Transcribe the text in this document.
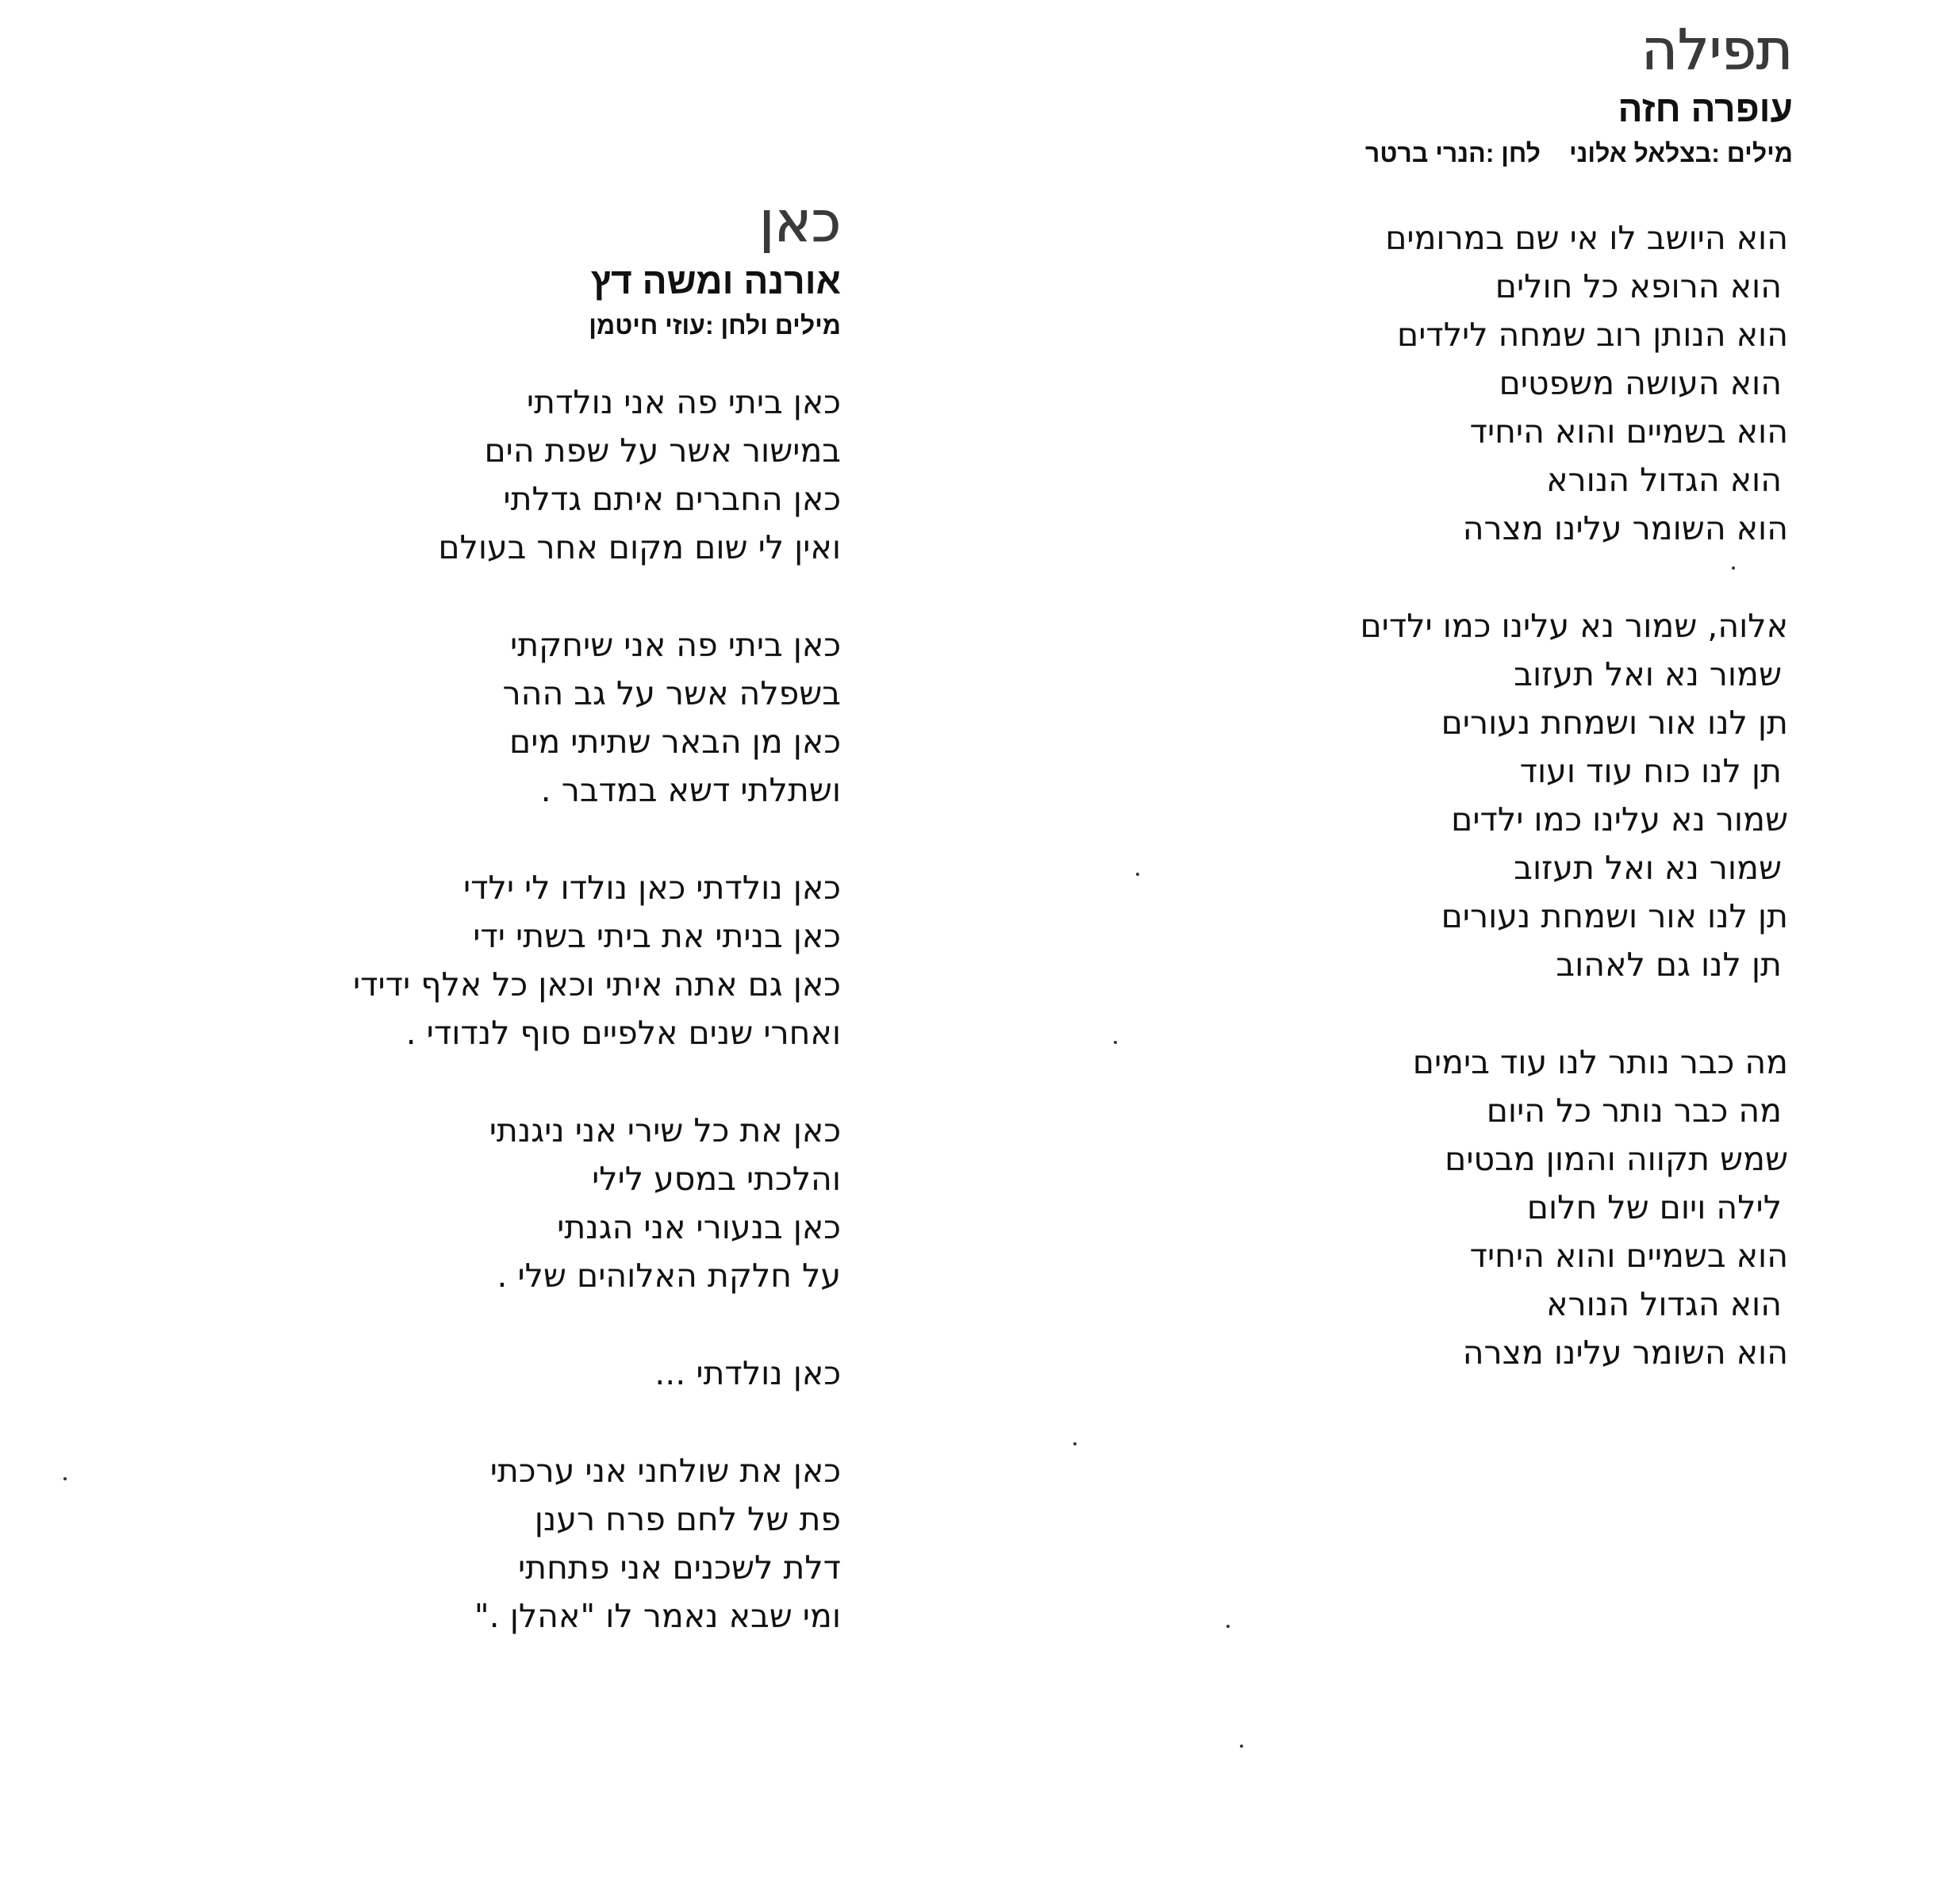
תפילה
עופרה חזה
מילים :בצלאל אלונילחן :הנרי ברטר
הוא היושב לו אי שם במרומים
הוא הרופא כל חולים
הוא הנותן רוב שמחה לילדים
הוא העושה משפטים
הוא בשמיים והוא היחיד
הוא הגדול הנורא
הוא השומר עלינו מצרה
אלוה, שמור נא עלינו כמו ילדים
שמור נא ואל תעזוב
תן לנו אור ושמחת נעורים
תן לנו כוח עוד ועוד
שמור נא עלינו כמו ילדים
שמור נא ואל תעזוב
תן לנו אור ושמחת נעורים
תן לנו גם לאהוב
מה כבר נותר לנו עוד בימים
מה כבר נותר כל היום
שמש תקווה והמון מבטים
לילה ויום של חלום
הוא בשמיים והוא היחיד
הוא הגדול הנורא
הוא השומר עלינו מצרה
כאן
אורנה ומשה דץ
מילים ולחן :עוזי חיטמן
כאן ביתי פה אני נולדתי
במישור אשר על שפת הים
כאן החברים איתם גדלתי
ואין לי שום מקום אחר בעולם
כאן ביתי פה אני שיחקתי
בשפלה אשר על גב ההר
כאן מן הבאר שתיתי מים
ושתלתי דשא במדבר .
כאן נולדתי כאן נולדו לי ילדי
כאן בניתי את ביתי בשתי ידי
כאן גם אתה איתי וכאן כל אלף ידידי
ואחרי שנים אלפיים סוף לנדודי .
כאן את כל שירי אני ניגנתי
והלכתי במסע לילי
כאן בנעורי אני הגנתי
על חלקת האלוהים שלי .
כאן נולדתי ...
כאן את שולחני אני ערכתי
פת של לחם פרח רענן
דלת לשכנים אני פתחתי
ומי שבא נאמר לו "אהלן ."
